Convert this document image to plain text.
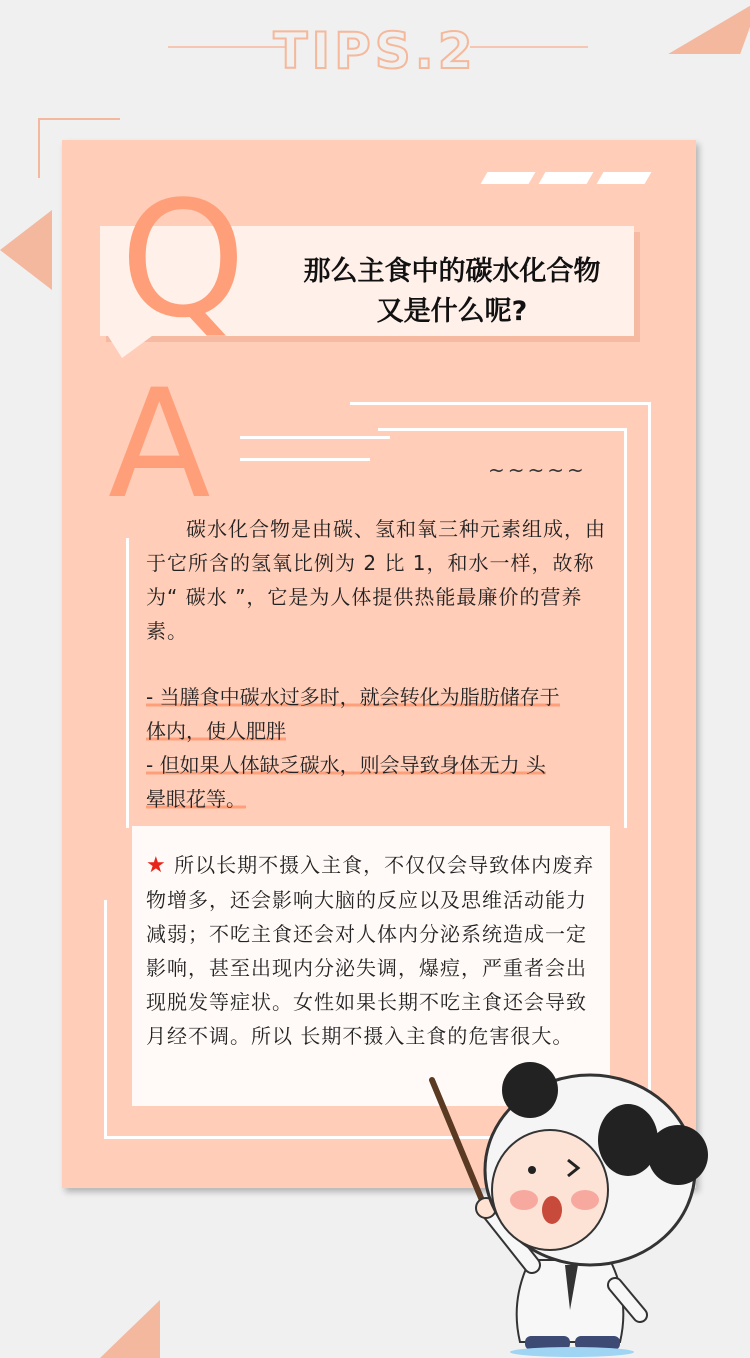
TIPS.2
Q	那么主食中的碳水化合物
又是什么呢?
A	~~~~~
碳水化合物是由碳、氢和氧三种元素组成，由于它所含的氢氧比例为 2 比 1，和水一样，故称为“ 碳水 ”，它是为人体提供热能最廉价的营养素。
- 当膳食中碳水过多时，就会转化为脂肪储存于
体内，使人肥胖
- 但如果人体缺乏碳水，则会导致身体无力 头
晕眼花等。
★ 所以长期不摄入主食，不仅仅会导致体内废弃物增多，还会影响大脑的反应以及思维活动能力减弱；不吃主食还会对人体内分泌系统造成一定影响，甚至出现内分泌失调，爆痘，严重者会出现脱发等症状。女性如果长期不吃主食还会导致月经不调。所以 长期不摄入主食的危害很大。
